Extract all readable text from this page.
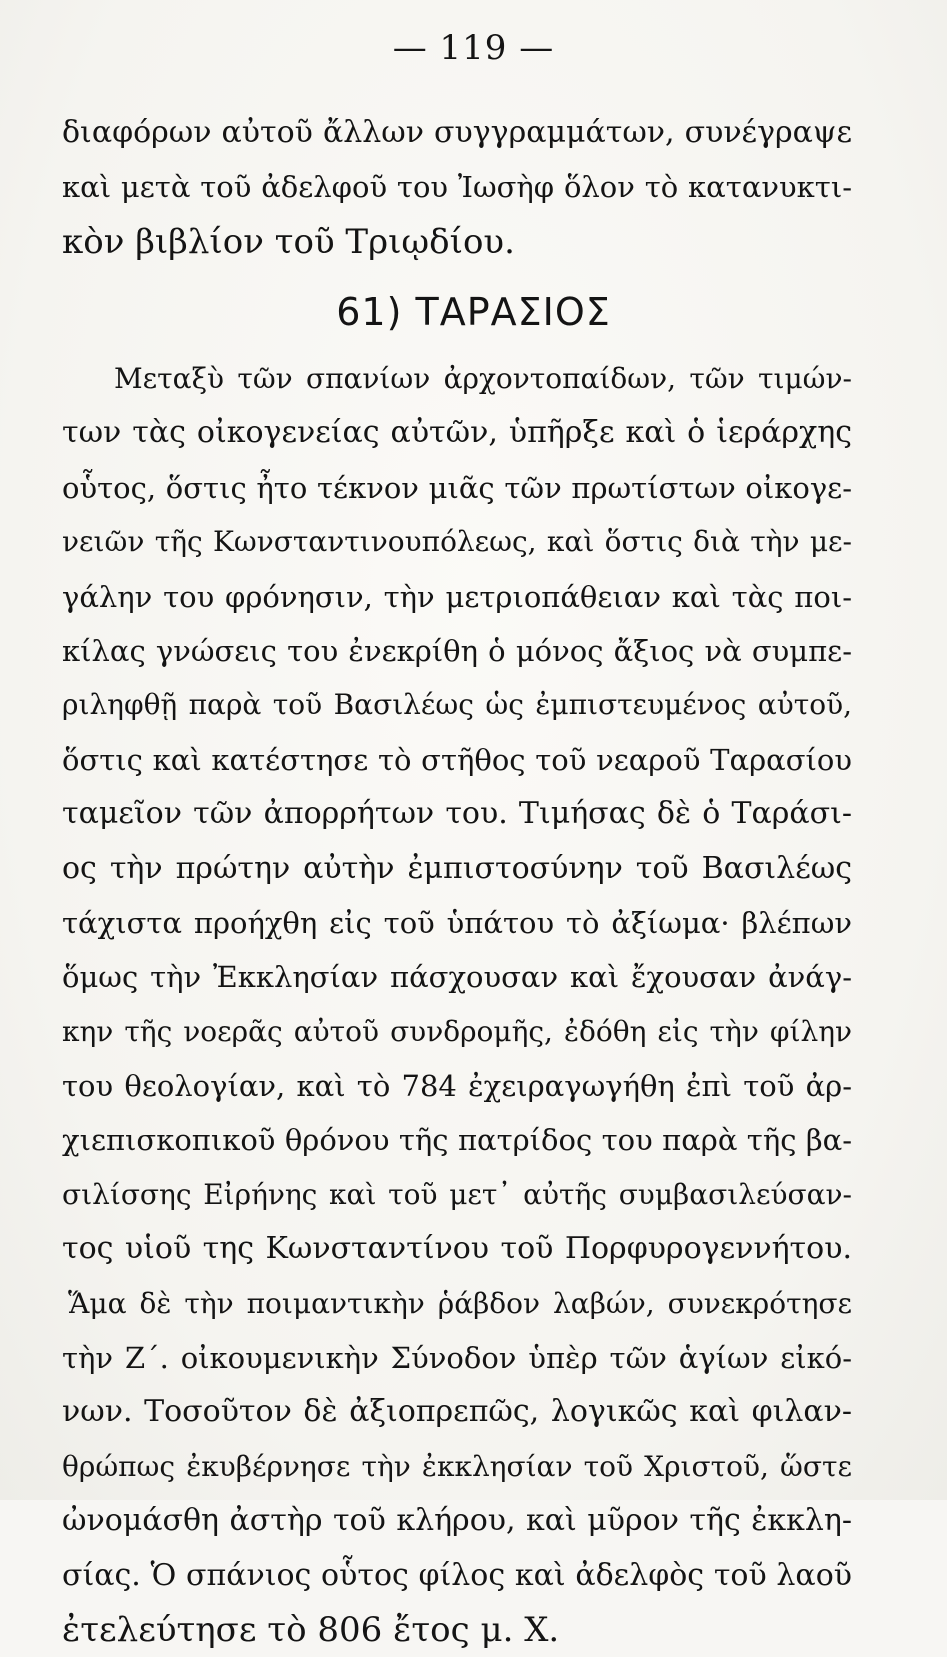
— 119 —
διαφόρων αὐτοῦ ἄλλων συγγραμμάτων, συνέγραψε
καὶ μετὰ τοῦ ἀδελφοῦ του Ἰωσὴφ ὅλον τὸ κατανυκτι-
κὸν βιβλίον τοῦ Τριῳδίου.
61) ΤΑΡΑΣΙΟΣ
Μεταξὺ τῶν σπανίων ἀρχοντοπαίδων, τῶν τιμών-
των τὰς οἰκογενείας αὐτῶν, ὑπῆρξε καὶ ὁ ἱεράρχης
οὗτος, ὅστις ἦτο τέκνον μιᾶς τῶν πρωτίστων οἰκογε-
νειῶν τῆς Κωνσταντινουπόλεως, καὶ ὅστις διὰ τὴν με-
γάλην του φρόνησιν, τὴν μετριοπάθειαν καὶ τὰς ποι-
κίλας γνώσεις του ἐνεκρίθη ὁ μόνος ἄξιος νὰ συμπε-
ριληφθῇ παρὰ τοῦ Βασιλέως ὡς ἐμπιστευμένος αὐτοῦ,
ὅστις καὶ κατέστησε τὸ στῆθος τοῦ νεαροῦ Ταρασίου
ταμεῖον τῶν ἀπορρήτων του. Τιμήσας δὲ ὁ Ταράσι-
ος τὴν πρώτην αὐτὴν ἐμπιστοσύνην τοῦ Βασιλέως
τάχιστα προήχθη εἰς τοῦ ὑπάτου τὸ ἀξίωμα· βλέπων
ὅμως τὴν Ἐκκλησίαν πάσχουσαν καὶ ἔχουσαν ἀνάγ-
κην τῆς νοερᾶς αὐτοῦ συνδρομῆς, ἐδόθη εἰς τὴν φίλην
του θεολογίαν, καὶ τὸ 784 ἐχειραγωγήθη ἐπὶ τοῦ ἀρ-
χιεπισκοπικοῦ θρόνου τῆς πατρίδος του παρὰ τῆς βα-
σιλίσσης Εἰρήνης καὶ τοῦ μετ᾽ αὐτῆς συμβασιλεύσαν-
τος υἱοῦ της Κωνσταντίνου τοῦ Πορφυρογεννήτου.
Ἅμα δὲ τὴν ποιμαντικὴν ῥάβδον λαβών, συνεκρότησε
τὴν Ζ΄. οἰκουμενικὴν Σύνοδον ὑπὲρ τῶν ἁγίων εἰκό-
νων. Τοσοῦτον δὲ ἀξιοπρεπῶς, λογικῶς καὶ φιλαν-
θρώπως ἐκυβέρνησε τὴν ἐκκλησίαν τοῦ Χριστοῦ, ὥστε
ὠνομάσθη ἀστὴρ τοῦ κλήρου, καὶ μῦρον τῆς ἐκκλη-
σίας. Ὁ σπάνιος οὗτος φίλος καὶ ἀδελφὸς τοῦ λαοῦ
ἐτελεύτησε τὸ 806 ἔτος μ. Χ.
